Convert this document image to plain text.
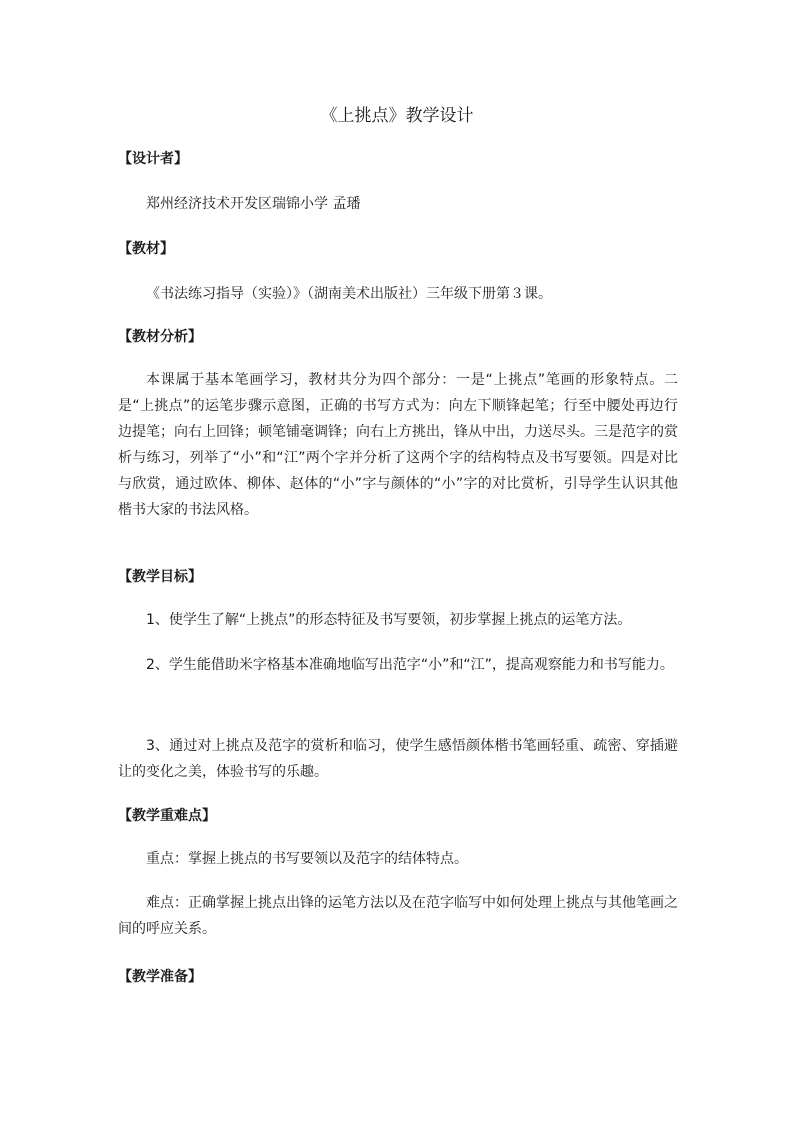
《上挑点》教学设计
【设计者】

郑州经济技术开发区瑞锦小学 孟璠

【教材】

《书法练习指导（实验）》（湖南美术出版社）三年级下册第３课。

【教材分析】

本课属于基本笔画学习，教材共分为四个部分：一是“上挑点”笔画的形象特点。二是“上挑点”的运笔步骤示意图，正确的书写方式为：向左下顺锋起笔；行至中腰处再边行边提笔；向右上回锋；顿笔铺毫调锋；向右上方挑出，锋从中出，力送尽头。三是范字的赏析与练习，列举了“小”和“江”两个字并分析了这两个字的结构特点及书写要领。四是对比与欣赏，通过欧体、柳体、赵体的“小”字与颜体的“小”字的对比赏析，引导学生认识其他楷书大家的书法风格。

【教学目标】

1、使学生了解“上挑点”的形态特征及书写要领，初步掌握上挑点的运笔方法。

2、学生能借助米字格基本准确地临写出范字“小”和“江”，提高观察能力和书写能力。

3、通过对上挑点及范字的赏析和临习，使学生感悟颜体楷书笔画轻重、疏密、穿插避让的变化之美，体验书写的乐趣。

【教学重难点】

重点：掌握上挑点的书写要领以及范字的结体特点。

难点：正确掌握上挑点出锋的运笔方法以及在范字临写中如何处理上挑点与其他笔画之间的呼应关系。

【教学准备】
